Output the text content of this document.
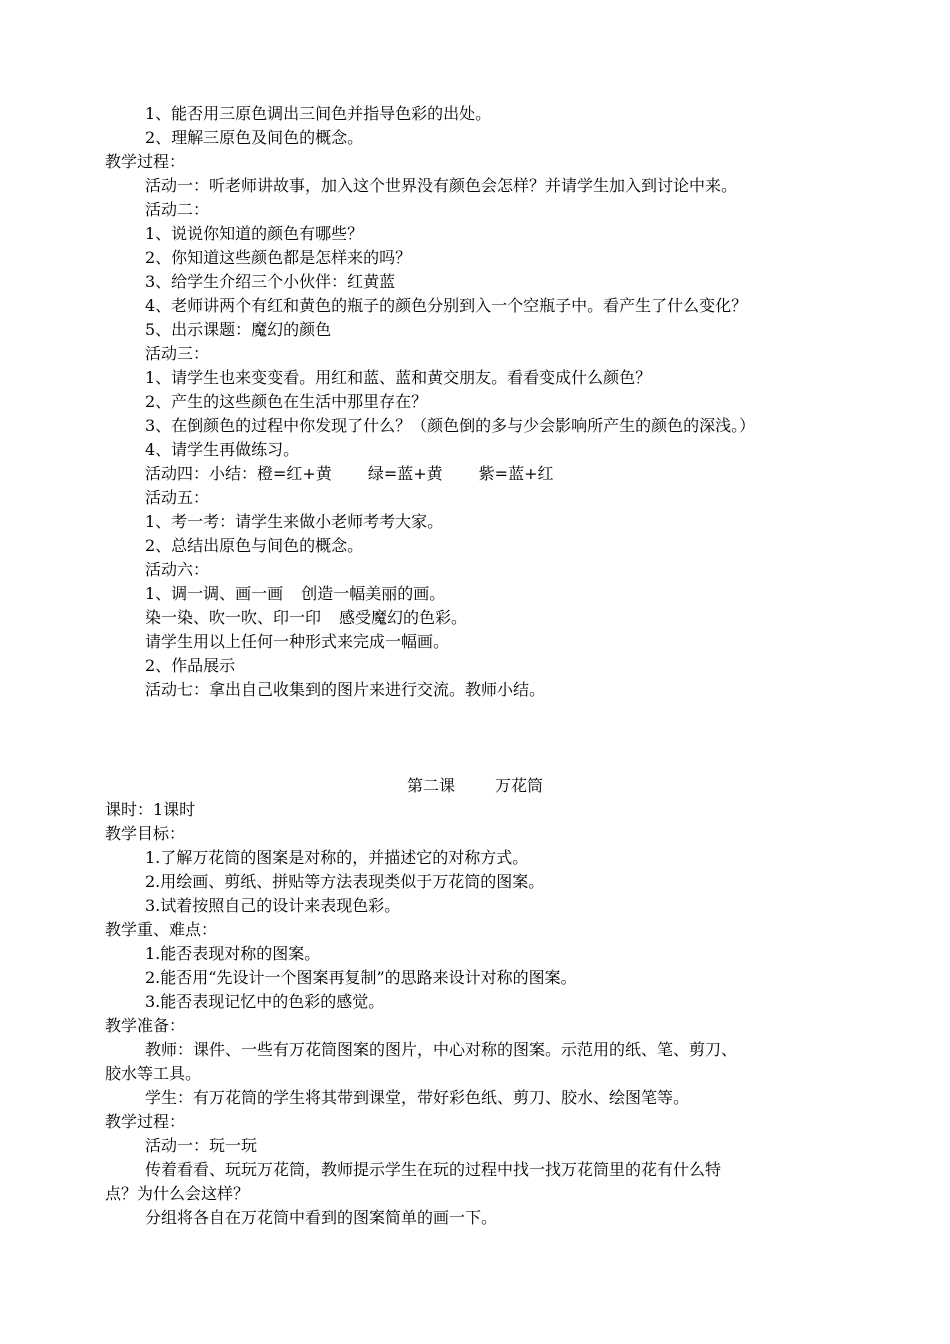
1、能否用三原色调出三间色并指导色彩的出处。
2、理解三原色及间色的概念。
教学过程：
活动一：听老师讲故事，加入这个世界没有颜色会怎样？并请学生加入到讨论中来。
活动二：
1、说说你知道的颜色有哪些？
2、你知道这些颜色都是怎样来的吗？
3、给学生介绍三个小伙伴：红黄蓝
4、老师讲两个有红和黄色的瓶子的颜色分别到入一个空瓶子中。看产生了什么变化？
5、出示课题：魔幻的颜色
活动三：
1、请学生也来变变看。用红和蓝、蓝和黄交朋友。看看变成什么颜色？
2、产生的这些颜色在生活中那里存在？
3、在倒颜色的过程中你发现了什么？（颜色倒的多与少会影响所产生的颜色的深浅。）
4、请学生再做练习。
活动四：小结：橙=红+黄 绿=蓝+黄 紫=蓝+红
活动五：
1、考一考：请学生来做小老师考考大家。
2、总结出原色与间色的概念。
活动六：
1、调一调、画一画 创造一幅美丽的画。
染一染、吹一吹、印一印 感受魔幻的色彩。
请学生用以上任何一种形式来完成一幅画。
2、作品展示
活动七：拿出自己收集到的图片来进行交流。教师小结。
第二课	万花筒
课时：1课时
教学目标：
1.了解万花筒的图案是对称的，并描述它的对称方式。
2.用绘画、剪纸、拼贴等方法表现类似于万花筒的图案。
3.试着按照自己的设计来表现色彩。
教学重、难点：
1.能否表现对称的图案。
2.能否用“先设计一个图案再复制”的思路来设计对称的图案。
3.能否表现记忆中的色彩的感觉。
教学准备：
教师：课件、一些有万花筒图案的图片，中心对称的图案。示范用的纸、笔、剪刀、
胶水等工具。
学生：有万花筒的学生将其带到课堂，带好彩色纸、剪刀、胶水、绘图笔等。
教学过程：
活动一：玩一玩
传着看看、玩玩万花筒，教师提示学生在玩的过程中找一找万花筒里的花有什么特
点？为什么会这样？
分组将各自在万花筒中看到的图案简单的画一下。
